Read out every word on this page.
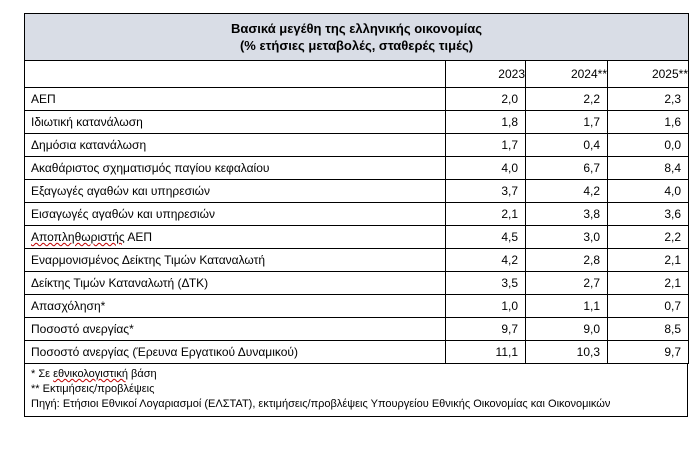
Βασικά μεγέθη της ελληνικής οικονομίας
(% ετήσιες μεταβολές, σταθερές τιμές)			

	2023	2024**	2025**
ΑΕΠ	2,0	2,2	2,3
Ιδιωτική κατανάλωση	1,8	1,7	1,6
Δημόσια κατανάλωση	1,7	0,4	0,0
Ακαθάριστος σχηματισμός παγίου κεφαλαίου	4,0	6,7	8,4
Εξαγωγές αγαθών και υπηρεσιών	3,7	4,2	4,0
Εισαγωγές αγαθών και υπηρεσιών	2,1	3,8	3,6
Αποπληθωριστής ΑΕΠ	4,5	3,0	2,2
Εναρμονισμένος Δείκτης Τιμών Καταναλωτή	4,2	2,8	2,1
Δείκτης Τιμών Καταναλωτή (ΔΤΚ)	3,5	2,7	2,1
Απασχόληση*	1,0	1,1	0,7
Ποσοστό ανεργίας*	9,7	9,0	8,5
Ποσοστό ανεργίας (Έρευνα Εργατικού Δυναμικού)	11,1	10,3	9,7
* Σε εθνικολογιστική βάση
** Εκτιμήσεις/προβλέψεις
Πηγή: Ετήσιοι Εθνικοί Λογαριασμοί (ΕΛΣΤΑΤ), εκτιμήσεις/προβλέψεις Υπουργείου Εθνικής Οικονομίας και Οικονομικών
